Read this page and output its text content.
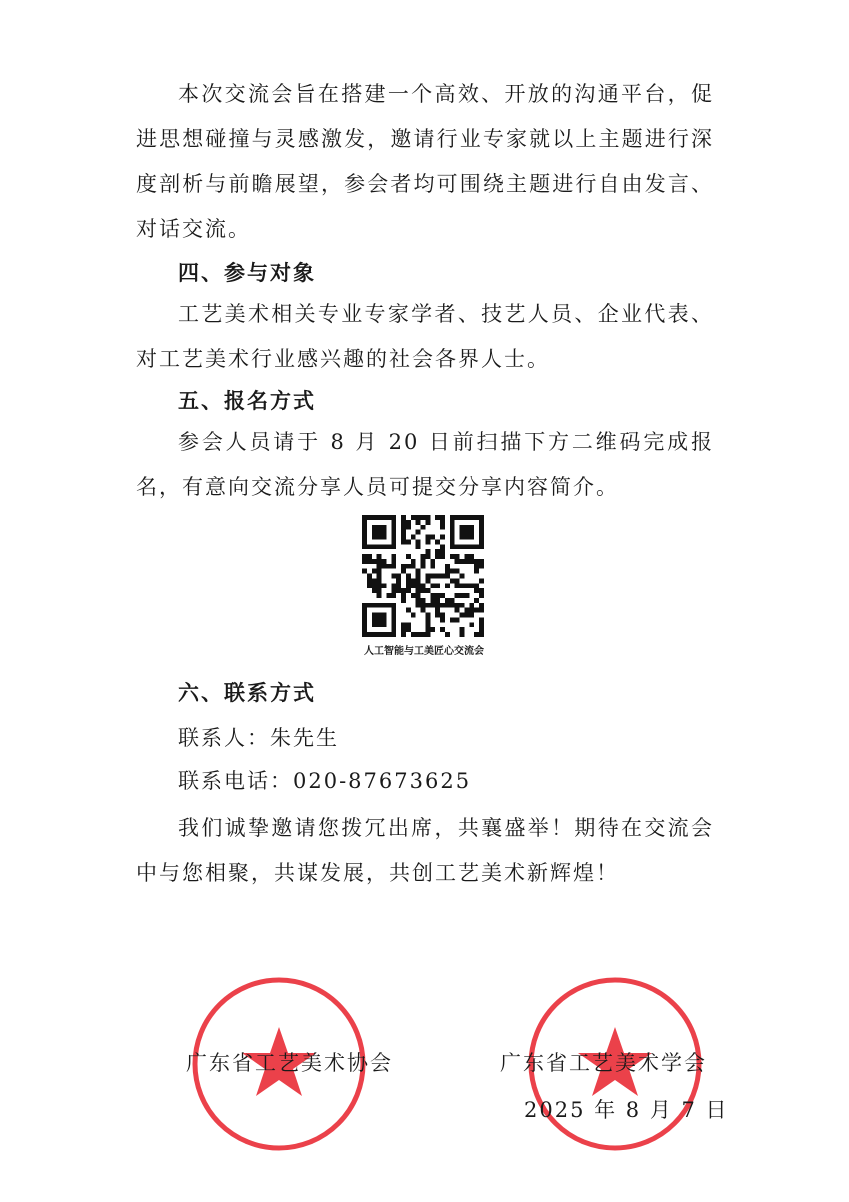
本次交流会旨在搭建一个高效、开放的沟通平台，促进思想碰撞与灵感激发，邀请行业专家就以上主题进行深度剖析与前瞻展望，参会者均可围绕主题进行自由发言、对话交流。

四、参与对象

工艺美术相关专业专家学者、技艺人员、企业代表、对工艺美术行业感兴趣的社会各界人士。

五、报名方式

参会人员请于 8 月 20 日前扫描下方二维码完成报名，有意向交流分享人员可提交分享内容简介。

人工智能与工美匠心交流会

六、联系方式

联系人：朱先生

联系电话：020-87673625

我们诚挚邀请您拨冗出席，共襄盛举！期待在交流会中与您相聚，共谋发展，共创工艺美术新辉煌！

广东省工艺美术协会	广东省工艺美术学会
2025 年 8 月 7 日
